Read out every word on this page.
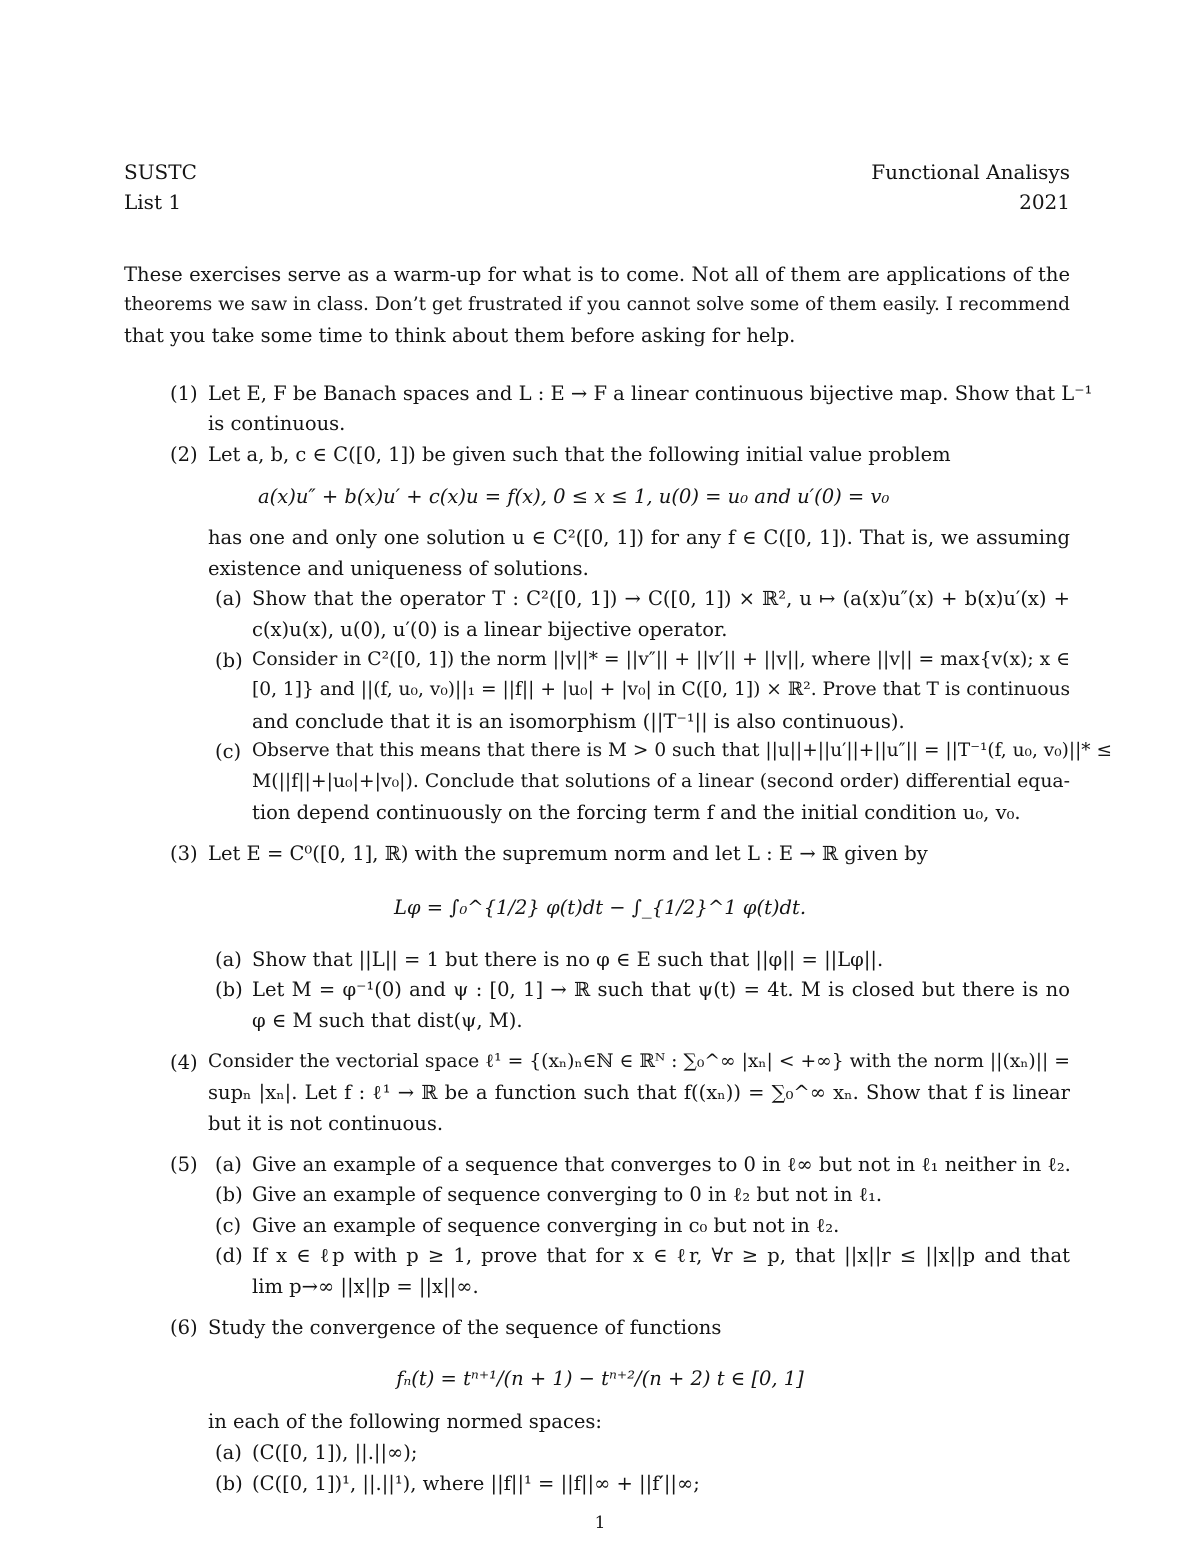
SUSTC	Functional Analisys
List 1	2021
These exercises serve as a warm-up for what is to come. Not all of them are applications of the
theorems we saw in class. Don’t get frustrated if you cannot solve some of them easily. I recommend
that you take some time to think about them before asking for help.
(1) Let E, F be Banach spaces and L : E → F a linear continuous bijective map. Show that L⁻¹
is continuous.
(2) Let a, b, c ∈ C([0, 1]) be given such that the following initial value problem
a(x)u″ + b(x)u′ + c(x)u = f(x), 0 ≤ x ≤ 1, u(0) = u₀ and u′(0) = v₀
has one and only one solution u ∈ C²([0, 1]) for any f ∈ C([0, 1]). That is, we assuming
existence and uniqueness of solutions.
(a) Show that the operator T : C²([0, 1]) → C([0, 1]) × ℝ², u ↦ (a(x)u″(x) + b(x)u′(x) +
c(x)u(x), u(0), u′(0) is a linear bijective operator.
(b) Consider in C²([0, 1]) the norm ||v||* = ||v″|| + ||v′|| + ||v||, where ||v|| = max{v(x); x ∈
[0, 1]} and ||(f, u₀, v₀)||₁ = ||f|| + |u₀| + |v₀| in C([0, 1]) × ℝ². Prove that T is continuous
and conclude that it is an isomorphism (||T⁻¹|| is also continuous).
(c) Observe that this means that there is M > 0 such that ||u||+||u′||+||u″|| = ||T⁻¹(f, u₀, v₀)||* ≤
M(||f||+|u₀|+|v₀|). Conclude that solutions of a linear (second order) differential equa-
tion depend continuously on the forcing term f and the initial condition u₀, v₀.
(3) Let E = C⁰([0, 1], ℝ) with the supremum norm and let L : E → ℝ given by
Lφ = ∫₀^{1/2} φ(t)dt − ∫_{1/2}^1 φ(t)dt.
(a) Show that ||L|| = 1 but there is no φ ∈ E such that ||φ|| = ||Lφ||.
(b) Let M = φ⁻¹(0) and ψ : [0, 1] → ℝ such that ψ(t) = 4t. M is closed but there is no
φ ∈ M such that dist(ψ, M).
(4) Consider the vectorial space ℓ¹ = {(xₙ)ₙ∈ℕ ∈ ℝᴺ : ∑₀^∞ |xₙ| < +∞} with the norm ||(xₙ)|| =
supₙ |xₙ|. Let f : ℓ¹ → ℝ be a function such that f((xₙ)) = ∑₀^∞ xₙ. Show that f is linear
but it is not continuous.
(5) (a) Give an example of a sequence that converges to 0 in ℓ∞ but not in ℓ₁ neither in ℓ₂.
(b) Give an example of sequence converging to 0 in ℓ₂ but not in ℓ₁.
(c) Give an example of sequence converging in c₀ but not in ℓ₂.
(d) If x ∈ ℓp with p ≥ 1, prove that for x ∈ ℓr, ∀r ≥ p, that ||x||r ≤ ||x||p and that
lim p→∞ ||x||p = ||x||∞.
(6) Study the convergence of the sequence of functions
fₙ(t) = tⁿ⁺¹/(n + 1) − tⁿ⁺²/(n + 2) t ∈ [0, 1]
in each of the following normed spaces:
(a) (C([0, 1]), ||.||∞);
(b) (C([0, 1])¹, ||.||¹), where ||f||¹ = ||f||∞ + ||f′||∞;
1
